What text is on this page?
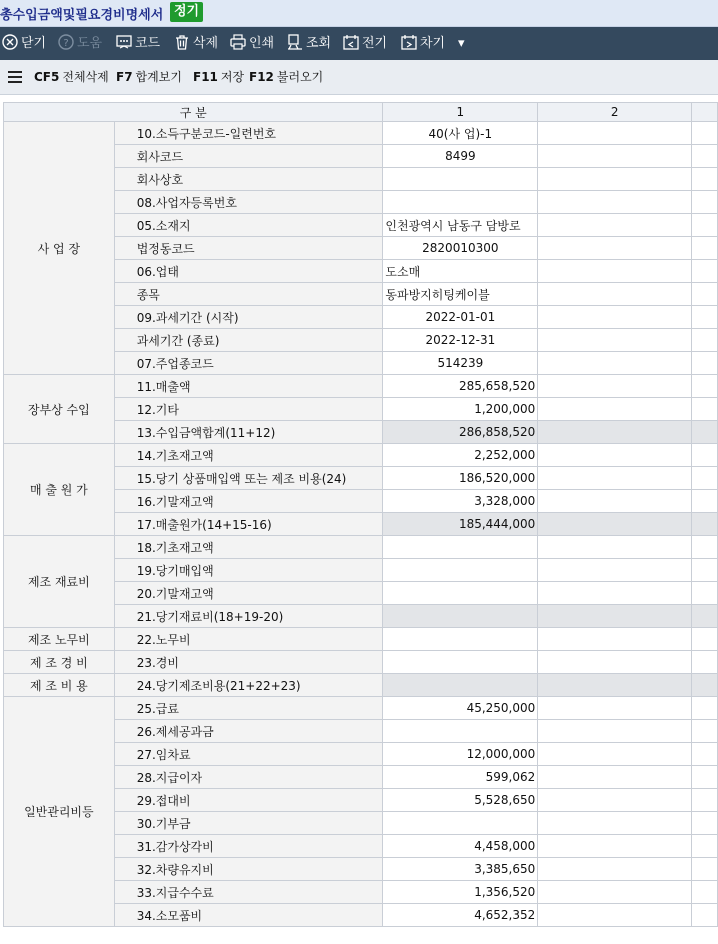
총수입금액및필요경비명세서 정기
닫기 ? 도움	코드	삭제	인쇄	조회	전기	차기 ▾
CF5 전체삭제 F7 합계보기 F11 저장 F12 불러오기
구 분		1	2	
사 업 장	10.소득구분코드-일련번호	40(사 업)-1		
	회사코드	8499		
	회사상호			
	08.사업자등록번호			
	05.소재지	인천광역시 남동구 담방로		
	법정동코드	2820010300		
	06.업태	도소매		
	종목	동파방지히팅케이블		
	09.과세기간 (시작)	2022-01-01		
	과세기간 (종료)	2022-12-31		
	07.주업종코드	514239		
장부상 수입	11.매출액	285,658,520		
	12.기타	1,200,000		
	13.수입금액합계(11+12)	286,858,520		
매 출 원 가	14.기초재고액	2,252,000		
	15.당기 상품매입액 또는 제조 비용(24)	186,520,000		
	16.기말재고액	3,328,000		
	17.매출원가(14+15-16)	185,444,000		
제조 재료비	18.기초재고액			
	19.당기매입액			
	20.기말재고액			
	21.당기재료비(18+19-20)			
제조 노무비	22.노무비			
제 조 경 비	23.경비			
제 조 비 용	24.당기제조비용(21+22+23)			
일반관리비등	25.급료	45,250,000		
	26.제세공과금			
	27.임차료	12,000,000		
	28.지급이자	599,062		
	29.접대비	5,528,650		
	30.기부금			
	31.감가상각비	4,458,000		
	32.차량유지비	3,385,650		
	33.지급수수료	1,356,520		
	34.소모품비	4,652,352		
